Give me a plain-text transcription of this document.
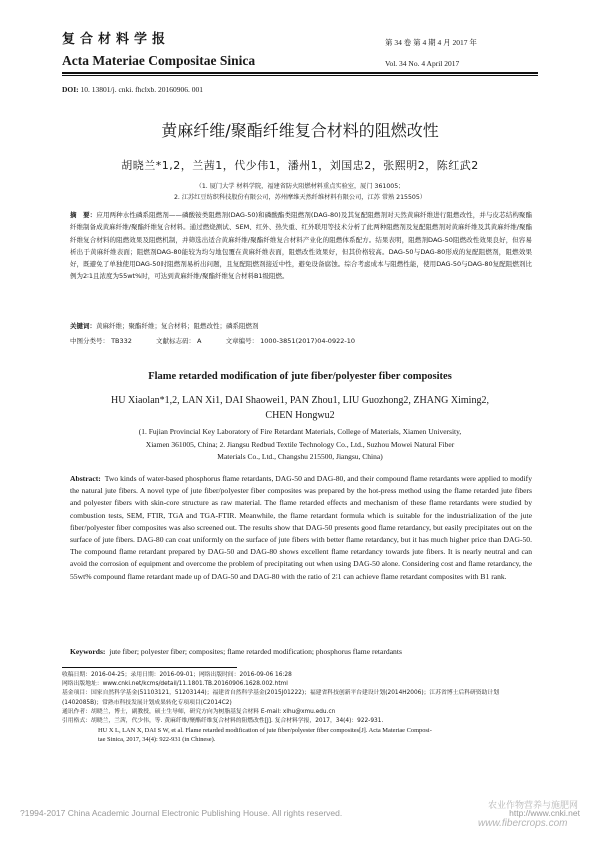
复合材料学报
Acta Materiae Compositae Sinica
第 34 卷 第 4 期 4 月 2017 年
Vol. 34 No. 4 April 2017
DOI: 10. 13801/j. cnki. fhclxb. 20160906. 001
黄麻纤维/聚酯纤维复合材料的阻燃改性
胡晓兰*1,2，兰茜1，代少伟1，潘州1，刘国忠2，张熙明2，陈红武2
（1. 厦门大学 材料学院，福建省防火阻燃材料重点实验室，厦门 361005；
2. 江苏红豆纺织科技股份有限公司，苏州摩维天然纤维材料有限公司，江苏 常熟 215505）
摘　要：应用两种水性磷系阻燃剂——磷酸铵类阻燃剂(DAG-50)和磷酸酯类阻燃剂(DAG-80)及其复配阻燃剂对天然黄麻纤维进行阻燃改性，并与皮芯结构聚酯纤维制备成黄麻纤维/聚酯纤维复合材料。通过燃烧测试、SEM、红外、热失重、红外联用等技术分析了此两种阻燃剂及复配阻燃剂对黄麻纤维及其黄麻纤维/聚酯纤维复合材料的阻燃效果及阻燃机制，并筛选出适合黄麻纤维/聚酯纤维复合材料产业化的阻燃体系配方。结果表明，阻燃剂DAG-50阻燃改性效果良好，但容易析出于黄麻纤维表面；阻燃剂DAG-80能较为均匀地包覆在黄麻纤维表面，阻燃改性效果好，但其价格较高。DAG-50与DAG-80形成的复配阻燃剂，阻燃效果好，既避免了单独使用DAG-50时阻燃剂易析出问题，且复配阻燃剂接近中性，避免设备腐蚀。综合考虑成本与阻燃性能，使用DAG-50与DAG-80复配阻燃剂比例为2∶1且浓度为55wt%时，可达到黄麻纤维/聚酯纤维复合材料B1级阻燃。
关键词：黄麻纤维；聚酯纤维；复合材料；阻燃改性；磷系阻燃剂
中图分类号： TB332	文献标志码： A	文章编号： 1000-3851(2017)04-0922-10
Flame retarded modification of jute fiber/polyester fiber composites
HU Xiaolan*1,2, LAN Xi1, DAI Shaowei1, PAN Zhou1, LIU Guozhong2, ZHANG Ximing2,
CHEN Hongwu2
(1. Fujian Provincial Key Laboratory of Fire Retardant Materials, College of Materials, Xiamen University,
Xiamen 361005, China; 2. Jiangsu Redbud Textile Technology Co., Ltd., Suzhou Mowei Natural Fiber
Materials Co., Ltd., Changshu 215500, Jiangsu, China)
Abstract: Two kinds of water-based phosphorus flame retardants, DAG-50 and DAG-80, and their compound flame retardants were applied to modify the natural jute fibers. A novel type of jute fiber/polyester fiber composites was prepared by the hot-press method using the flame retarded jute fibers and polyester fibers with skin-core structure as raw material. The flame retarded effects and mechanism of these flame retardants were studied by combustion tests, SEM, FTIR, TGA and TGA-FTIR. Meanwhile, the flame retardant formula which is suitable for the industrialization of the jute fiber/polyester fiber composites was also screened out. The results show that DAG-50 presents good flame retardancy, but easily precipitates out on the surface of jute fibers. DAG-80 can coat uniformly on the surface of jute fibers with better flame retardancy, but it has much higher price than DAG-50. The compound flame retardant prepared by DAG-50 and DAG-80 shows excellent flame retardancy towards jute fibers. It is nearly neutral and can avoid the corrosion of equipment and overcome the problem of precipitating out when using DAG-50 alone. Considering cost and flame retardancy, the 55wt% compound flame retardant made up of DAG-50 and DAG-80 with the ratio of 2∶1 can achieve flame retardant composites with B1 rank.
Keywords: jute fiber; polyester fiber; composites; flame retarded modification; phosphorus flame retardants
收稿日期：2016-04-25；录用日期：2016-09-01；网络出版时间：2016-09-06 16:28
网络出版地址：www.cnki.net/kcms/detail/11.1801.TB.20160906.1628.002.html
基金项目：国家自然科学基金(51103121，51203144)；福建省自然科学基金(2015J01222)；福建省科技创新平台建设计划(2014H2006)；江苏省博士后科研资助计划(1402085B)；常熟市科技发展计划成果转化专项项目(C2014C2)
通讯作者：胡晓兰，博士，副教授，硕士生导师，研究方向为树脂基复合材料 E-mail: xlhu@xmu.edu.cn
引用格式：胡晓兰，兰茜，代少伟，等. 黄麻纤维/聚酯纤维复合材料的阻燃改性[J]. 复合材料学报，2017，34(4)：922-931.
HU X L, LAN X, DAI S W, et al. Flame retarded modification of jute fiber/polyester fiber composites[J]. Acta Materiae Composi-
tae Sinica, 2017, 34(4): 922-931 (in Chinese).
农业作物营养与施肥网
?1994-2017 China Academic Journal Electronic Publishing House. All rights reserved.	http://www.cnki.net
www.fibercrops.com
